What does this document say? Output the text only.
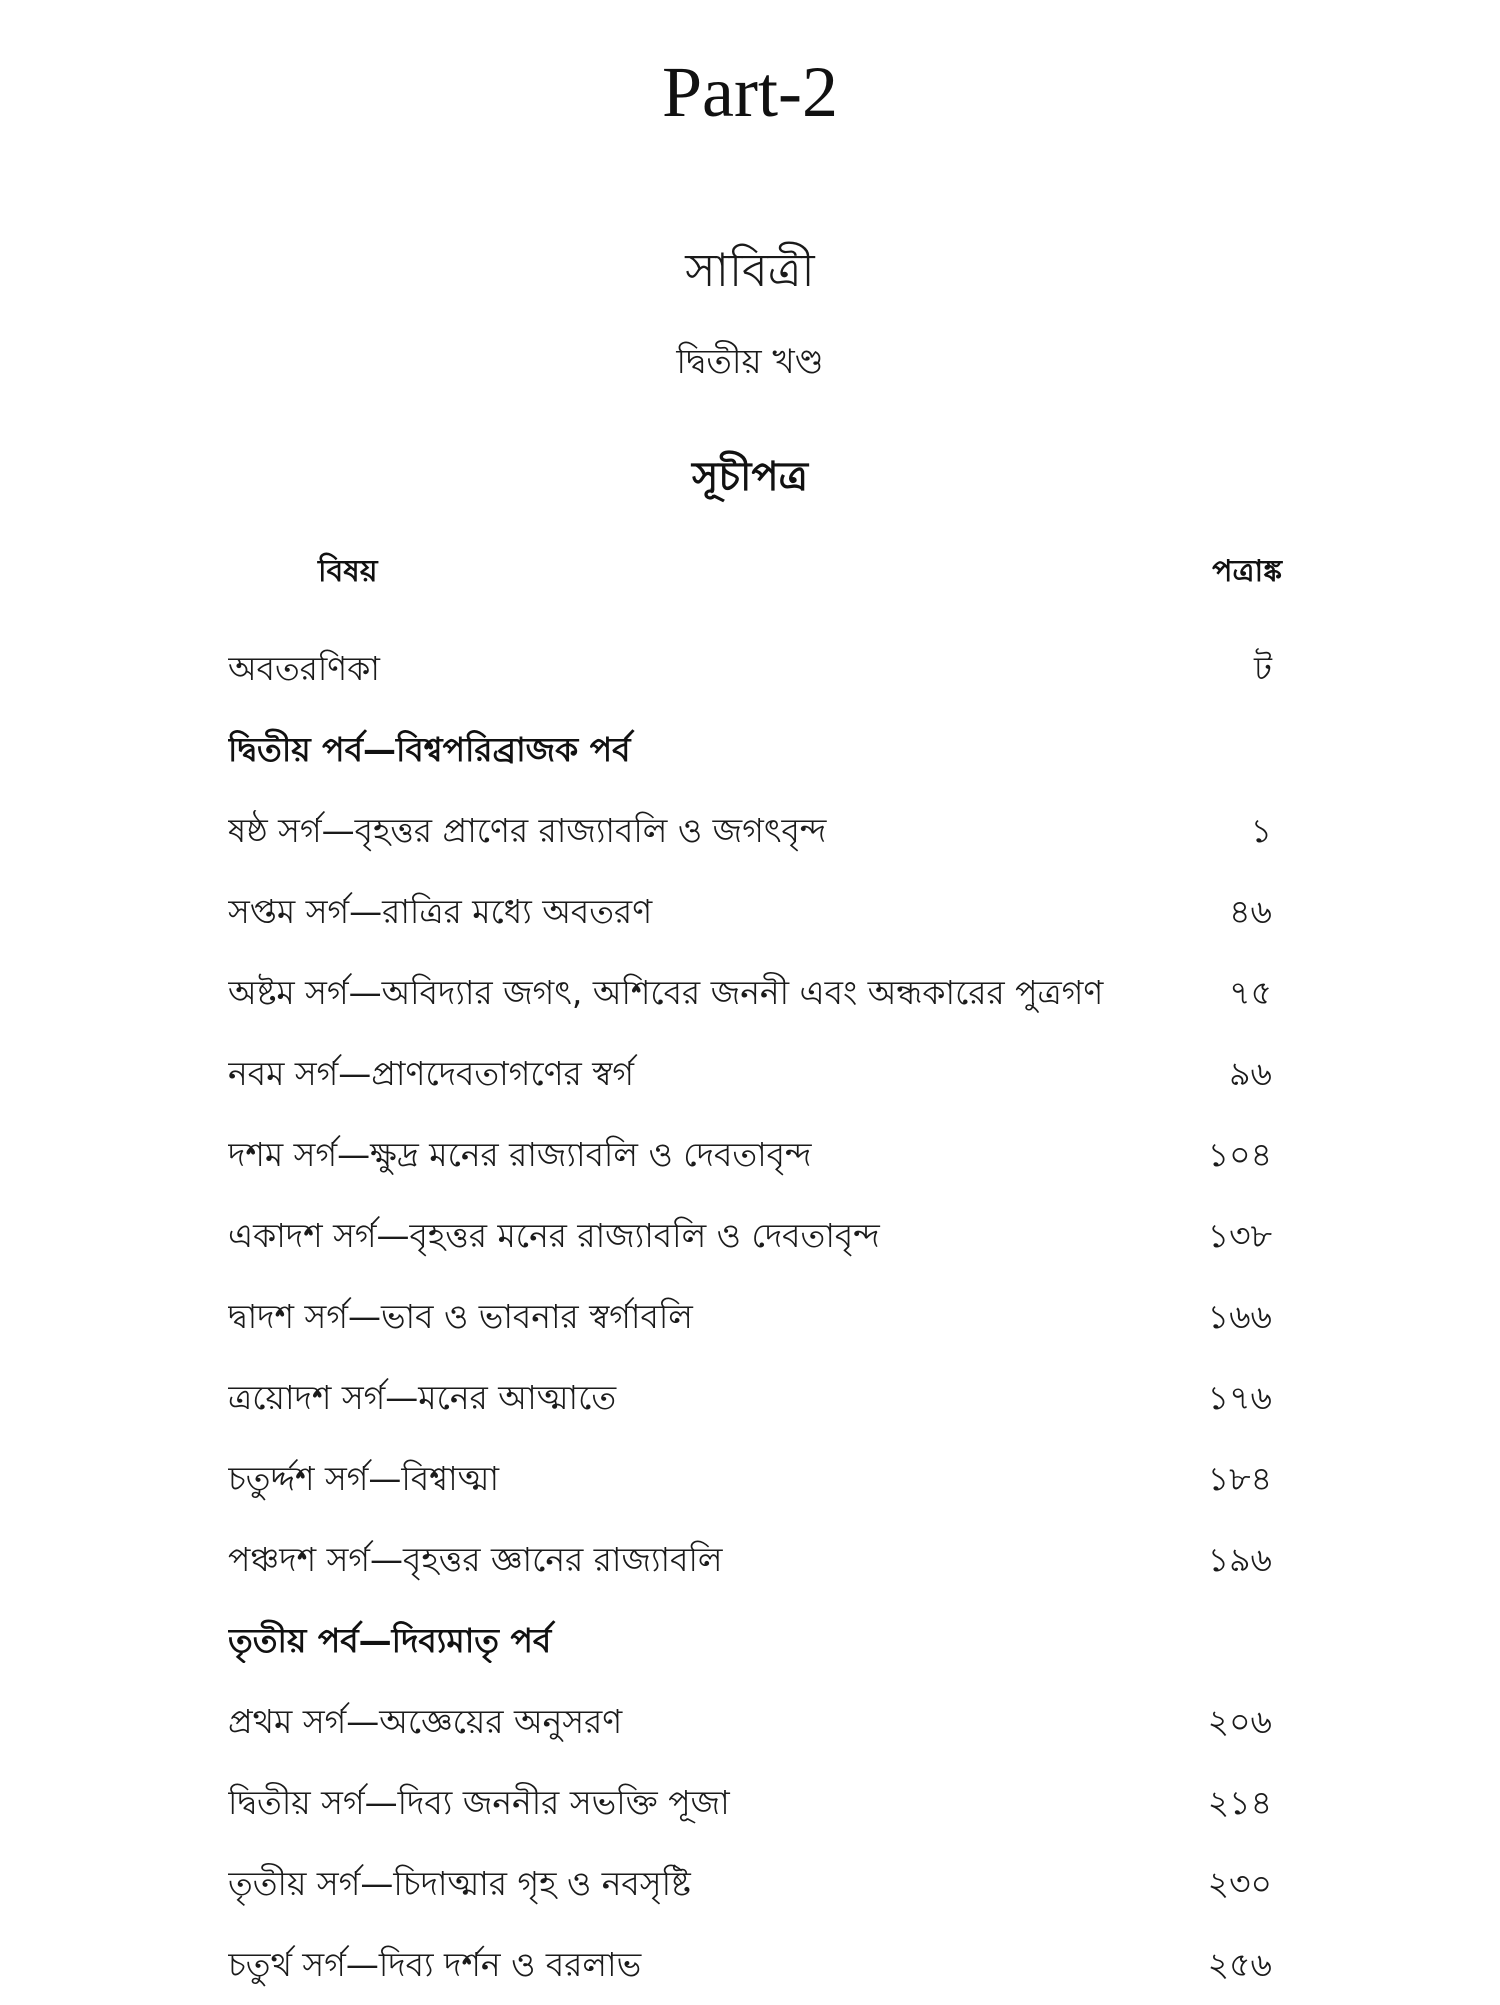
Part-2
সাবিত্রী
দ্বিতীয় খণ্ড
সূচীপত্র
বিষয়	পত্রাঙ্ক
অবতরণিকা	ট
দ্বিতীয় পর্ব—বিশ্বপরিব্রাজক পর্ব
ষষ্ঠ সর্গ—বৃহত্তর প্রাণের রাজ্যাবলি ও জগৎবৃন্দ	১
সপ্তম সর্গ—রাত্রির মধ্যে অবতরণ	৪৬
অষ্টম সর্গ—অবিদ্যার জগৎ, অশিবের জননী এবং অন্ধকারের পুত্রগণ	৭৫
নবম সর্গ—প্রাণদেবতাগণের স্বর্গ	৯৬
দশম সর্গ—ক্ষুদ্র মনের রাজ্যাবলি ও দেবতাবৃন্দ	১০৪
একাদশ সর্গ—বৃহত্তর মনের রাজ্যাবলি ও দেবতাবৃন্দ	১৩৮
দ্বাদশ সর্গ—ভাব ও ভাবনার স্বর্গাবলি	১৬৬
ত্রয়োদশ সর্গ—মনের আত্মাতে	১৭৬
চতুর্দ্দশ সর্গ—বিশ্বাত্মা	১৮৪
পঞ্চদশ সর্গ—বৃহত্তর জ্ঞানের রাজ্যাবলি	১৯৬
তৃতীয় পর্ব—দিব্যমাতৃ পর্ব
প্রথম সর্গ—অজ্ঞেয়ের অনুসরণ	২০৬
দ্বিতীয় সর্গ—দিব্য জননীর সভক্তি পূজা	২১৪
তৃতীয় সর্গ—চিদাত্মার গৃহ ও নবসৃষ্টি	২৩০
চতুর্থ সর্গ—দিব্য দর্শন ও বরলাভ	২৫৬
